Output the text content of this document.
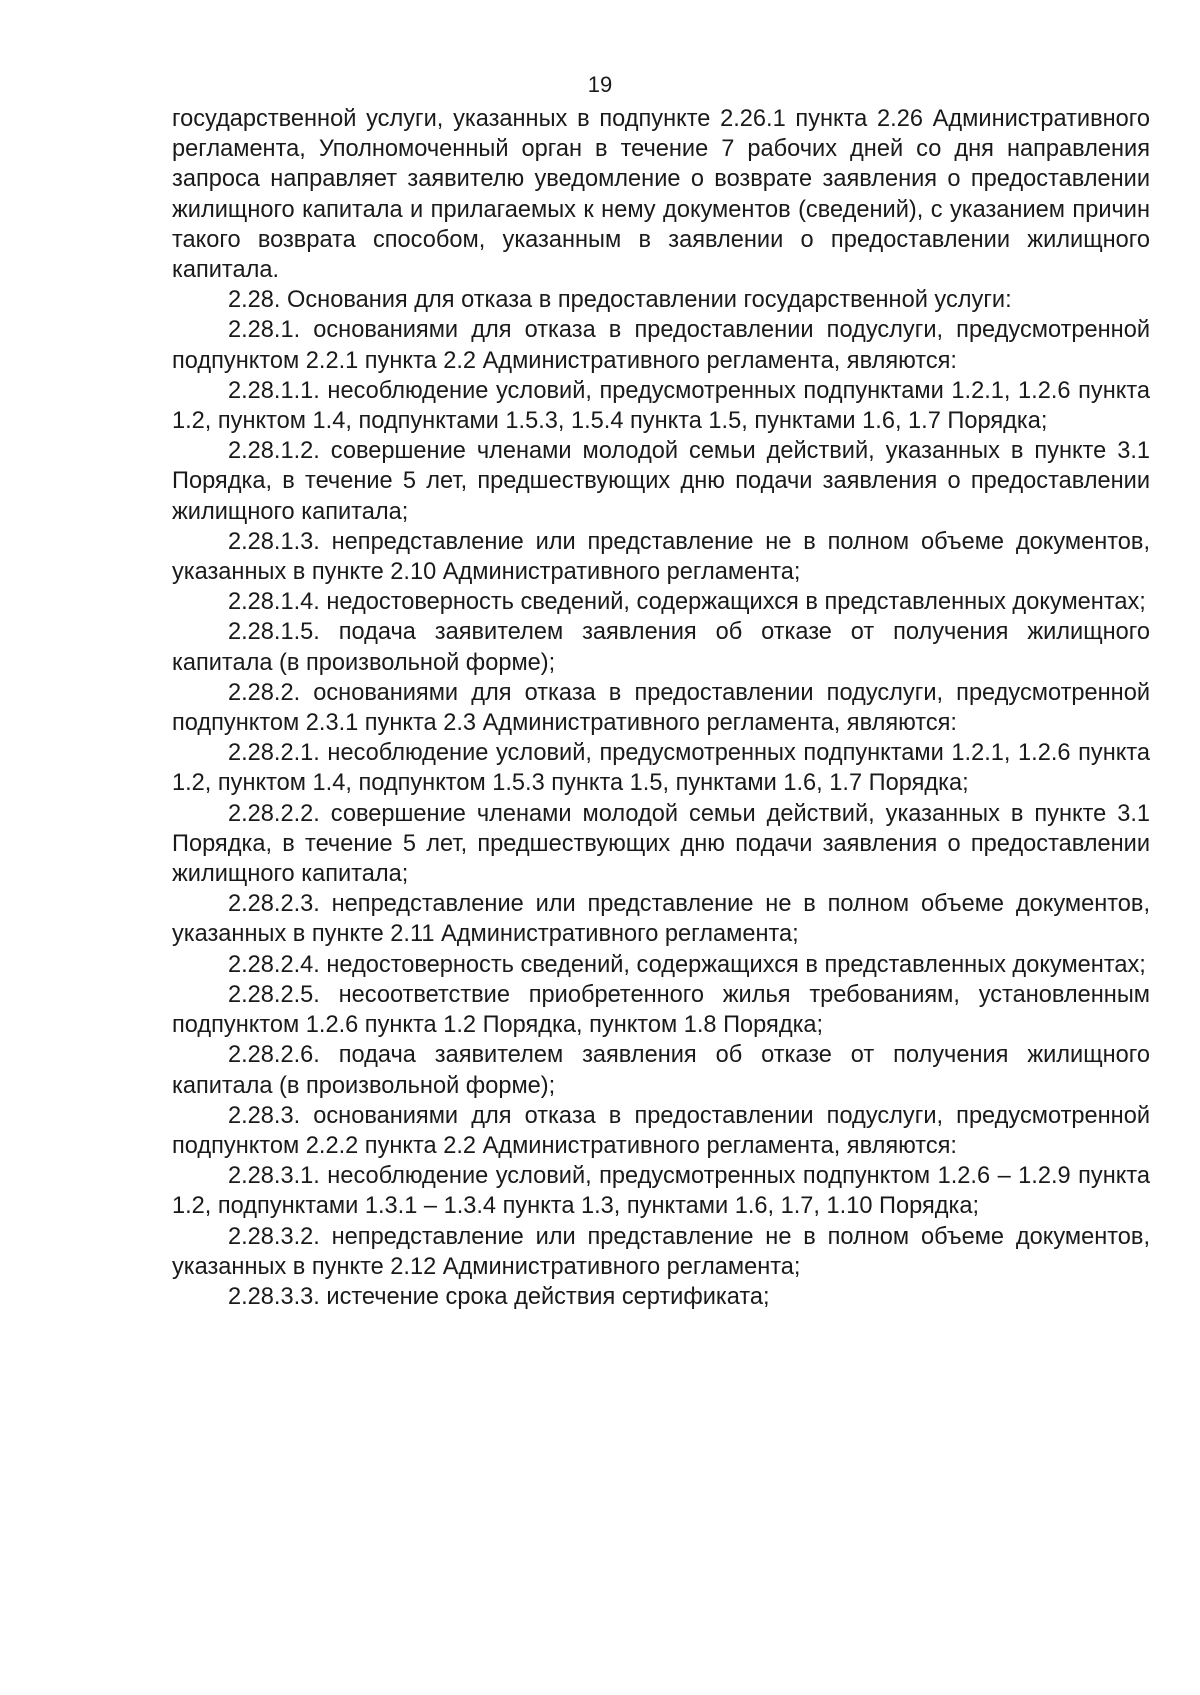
19

государственной услуги, указанных в подпункте 2.26.1 пункта 2.26 Административного регламента, Уполномоченный орган в течение 7 рабочих дней со дня направления запроса направляет заявителю уведомление о возврате заявления о предоставлении жилищного капитала и прилагаемых к нему документов (сведений), с указанием причин такого возврата способом, указанным в заявлении о предоставлении жилищного капитала.

2.28. Основания для отказа в предоставлении государственной услуги:

2.28.1. основаниями для отказа в предоставлении подуслуги, предусмотренной подпунктом 2.2.1 пункта 2.2 Административного регламента, являются:

2.28.1.1. несоблюдение условий, предусмотренных подпунктами 1.2.1, 1.2.6 пункта 1.2, пунктом 1.4, подпунктами 1.5.3, 1.5.4 пункта 1.5, пунктами 1.6, 1.7 Порядка;

2.28.1.2. совершение членами молодой семьи действий, указанных в пункте 3.1 Порядка, в течение 5 лет, предшествующих дню подачи заявления о предоставлении жилищного капитала;

2.28.1.3. непредставление или представление не в полном объеме документов, указанных в пункте 2.10 Административного регламента;

2.28.1.4. недостоверность сведений, содержащихся в представленных документах;

2.28.1.5. подача заявителем заявления об отказе от получения жилищного капитала (в произвольной форме);

2.28.2. основаниями для отказа в предоставлении подуслуги, предусмотренной подпунктом 2.3.1 пункта 2.3 Административного регламента, являются:

2.28.2.1. несоблюдение условий, предусмотренных подпунктами 1.2.1, 1.2.6 пункта 1.2, пунктом 1.4, подпунктом 1.5.3 пункта 1.5, пунктами 1.6, 1.7 Порядка;

2.28.2.2. совершение членами молодой семьи действий, указанных в пункте 3.1 Порядка, в течение 5 лет, предшествующих дню подачи заявления о предоставлении жилищного капитала;

2.28.2.3. непредставление или представление не в полном объеме документов, указанных в пункте 2.11 Административного регламента;

2.28.2.4. недостоверность сведений, содержащихся в представленных документах;

2.28.2.5. несоответствие приобретенного жилья требованиям, установленным подпунктом 1.2.6 пункта 1.2 Порядка, пунктом 1.8 Порядка;

2.28.2.6. подача заявителем заявления об отказе от получения жилищного капитала (в произвольной форме);

2.28.3. основаниями для отказа в предоставлении подуслуги, предусмотренной подпунктом 2.2.2 пункта 2.2 Административного регламента, являются:

2.28.3.1. несоблюдение условий, предусмотренных подпунктом 1.2.6 – 1.2.9 пункта 1.2, подпунктами 1.3.1 – 1.3.4 пункта 1.3, пунктами 1.6, 1.7, 1.10 Порядка;

2.28.3.2. непредставление или представление не в полном объеме документов, указанных в пункте 2.12 Административного регламента;

2.28.3.3. истечение срока действия сертификата;
